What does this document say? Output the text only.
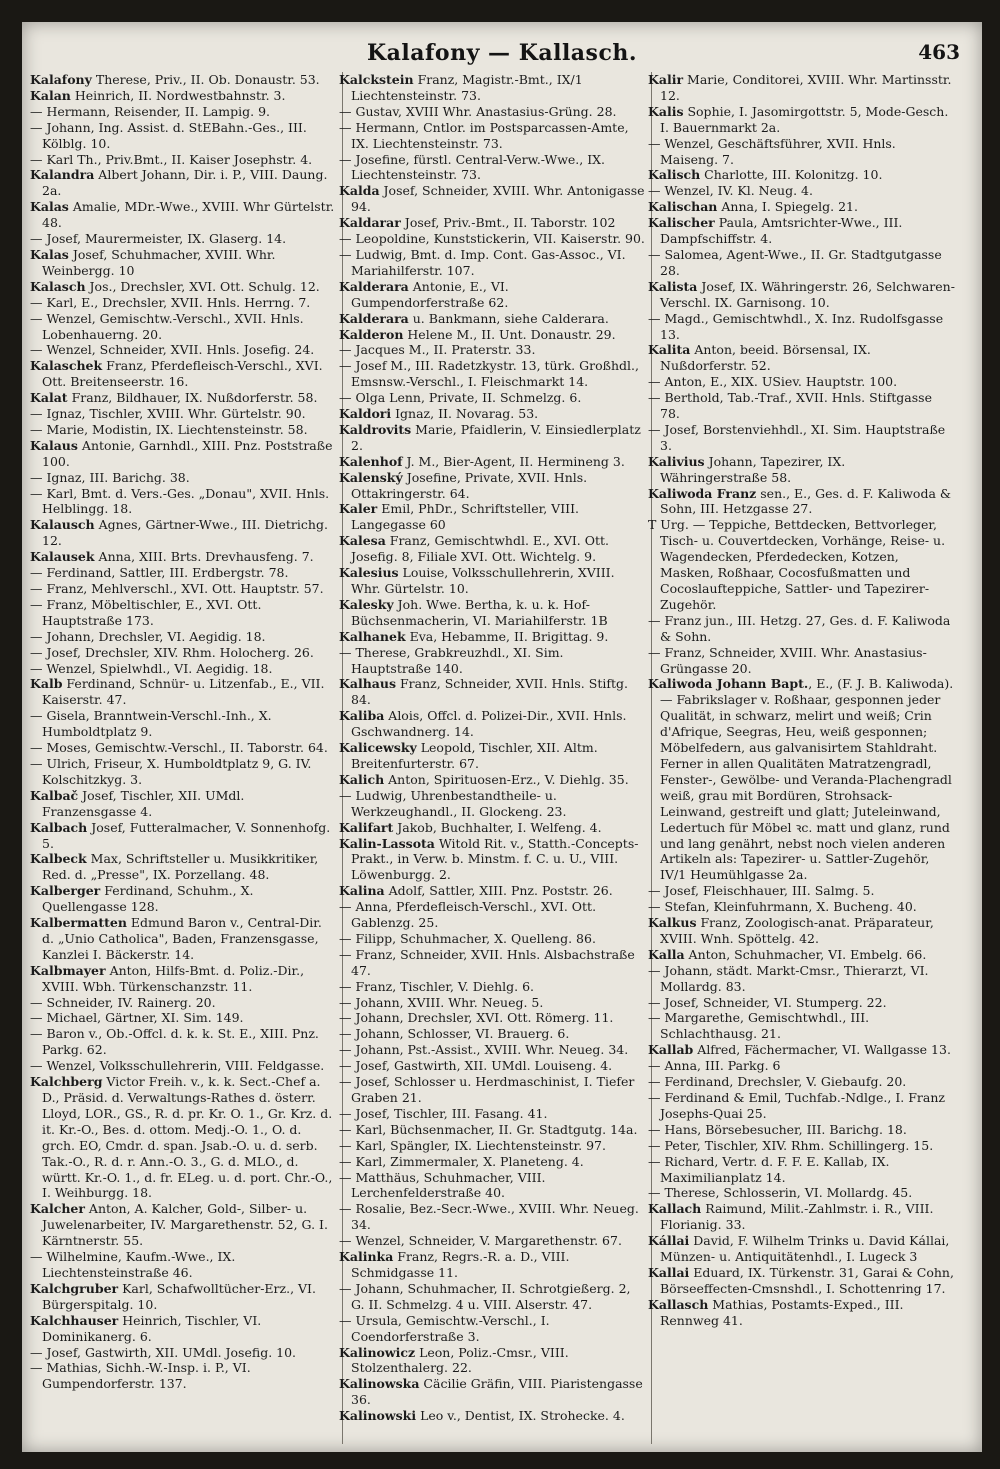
Kalafony — Kallasch.	463

Kalafony Therese, Priv., II. Ob. Donaustr. 53.

Kalan Heinrich, II. Nordwestbahnstr. 3.

— Hermann, Reisender, II. Lampig. 9.

— Johann, Ing. Assist. d. StEBahn.-Ges., III. Kölblg. 10.

— Karl Th., Priv.Bmt., II. Kaiser Josephstr. 4.

Kalandra Albert Johann, Dir. i. P., VIII. Daung. 2a.

Kalas Amalie, MDr.-Wwe., XVIII. Whr Gürtelstr. 48.

— Josef, Maurermeister, IX. Glaserg. 14.

Kalas Josef, Schuhmacher, XVIII. Whr. Weinbergg. 10

Kalasch Jos., Drechsler, XVI. Ott. Schulg. 12.

— Karl, E., Drechsler, XVII. Hnls. Herrng. 7.

— Wenzel, Gemischtw.-Verschl., XVII. Hnls. Lobenhauerng. 20.

— Wenzel, Schneider, XVII. Hnls. Josefig. 24.

Kalaschek Franz, Pferdefleisch-Verschl., XVI. Ott. Breitenseerstr. 16.

Kalat Franz, Bildhauer, IX. Nußdorferstr. 58.

— Ignaz, Tischler, XVIII. Whr. Gürtelstr. 90.

— Marie, Modistin, IX. Liechtensteinstr. 58.

Kalaus Antonie, Garnhdl., XIII. Pnz. Poststraße 100.

— Ignaz, III. Barichg. 38.

— Karl, Bmt. d. Vers.-Ges. „Donau", XVII. Hnls. Helblingg. 18.

Kalausch Agnes, Gärtner-Wwe., III. Dietrichg. 12.

Kalausek Anna, XIII. Brts. Drevhausfeng. 7.

— Ferdinand, Sattler, III. Erdbergstr. 78.

— Franz, Mehlverschl., XVI. Ott. Hauptstr. 57.

— Franz, Möbeltischler, E., XVI. Ott. Hauptstraße 173.

— Johann, Drechsler, VI. Aegidig. 18.

— Josef, Drechsler, XIV. Rhm. Holocherg. 26.

— Wenzel, Spielwhdl., VI. Aegidig. 18.

Kalb Ferdinand, Schnür- u. Litzenfab., E., VII. Kaiserstr. 47.

— Gisela, Branntwein-Verschl.-Inh., X. Humboldtplatz 9.

— Moses, Gemischtw.-Verschl., II. Taborstr. 64.

— Ulrich, Friseur, X. Humboldtplatz 9, G. IV. Kolschitzkyg. 3.

Kalbač Josef, Tischler, XII. UMdl. Franzensgasse 4.

Kalbach Josef, Futteralmacher, V. Sonnenhofg. 5.

Kalbeck Max, Schriftsteller u. Musikkritiker, Red. d. „Presse", IX. Porzellang. 48.

Kalberger Ferdinand, Schuhm., X. Quellengasse 128.

Kalbermatten Edmund Baron v., Central-Dir. d. „Unio Catholica", Baden, Franzensgasse, Kanzlei I. Bäckerstr. 14.

Kalbmayer Anton, Hilfs-Bmt. d. Poliz.-Dir., XVIII. Wbh. Türkenschanzstr. 11.

— Schneider, IV. Rainerg. 20.

— Michael, Gärtner, XI. Sim. 149.

— Baron v., Ob.-Offcl. d. k. k. St. E., XIII. Pnz. Parkg. 62.

— Wenzel, Volksschullehrerin, VIII. Feldgasse.

Kalchberg Victor Freih. v., k. k. Sect.-Chef a. D., Präsid. d. Verwaltungs-Rathes d. österr. Lloyd, LOR., GS., R. d. pr. Kr. O. 1., Gr. Krz. d. it. Kr.-O., Bes. d. ottom. Medj.-O. 1., O. d. grch. EO, Cmdr. d. span. Jsab.-O. u. d. serb. Tak.-O., R. d. r. Ann.-O. 3., G. d. MLO., d. württ. Kr.-O. 1., d. fr. ELeg. u. d. port. Chr.-O., I. Weihburgg. 18.

Kalcher Anton, A. Kalcher, Gold-, Silber- u. Juwelenarbeiter, IV. Margarethenstr. 52, G. I. Kärntnerstr. 55.

— Wilhelmine, Kaufm.-Wwe., IX. Liechtensteinstraße 46.

Kalchgruber Karl, Schafwolltücher-Erz., VI. Bürgerspitalg. 10.

Kalchhauser Heinrich, Tischler, VI. Dominikanerg. 6.

— Josef, Gastwirth, XII. UMdl. Josefig. 10.

— Mathias, Sichh.-W.-Insp. i. P., VI. Gumpendorferstr. 137.

Kalckstein Franz, Magistr.-Bmt., IX/1 Liechtensteinstr. 73.

— Gustav, XVIII Whr. Anastasius-Grüng. 28.

— Hermann, Cntlor. im Postsparcassen-Amte, IX. Liechtensteinstr. 73.

— Josefine, fürstl. Central-Verw.-Wwe., IX. Liechtensteinstr. 73.

Kalda Josef, Schneider, XVIII. Whr. Antonigasse 94.

Kaldarar Josef, Priv.-Bmt., II. Taborstr. 102

— Leopoldine, Kunststickerin, VII. Kaiserstr. 90.

— Ludwig, Bmt. d. Imp. Cont. Gas-Assoc., VI. Mariahilferstr. 107.

Kalderara Antonie, E., VI. Gumpendorferstraße 62.

Kalderara u. Bankmann, siehe Calderara.

Kalderon Helene M., II. Unt. Donaustr. 29.

— Jacques M., II. Praterstr. 33.

— Josef M., III. Radetzkystr. 13, türk. Großhdl., Emsnsw.-Verschl., I. Fleischmarkt 14.

— Olga Lenn, Private, II. Schmelzg. 6.

Kaldori Ignaz, II. Novarag. 53.

Kaldrovits Marie, Pfaidlerin, V. Einsiedlerplatz 2.

Kalenhof J. M., Bier-Agent, II. Hermineng 3.

Kalenský Josefine, Private, XVII. Hnls. Ottakringerstr. 64.

Kaler Emil, PhDr., Schriftsteller, VIII. Langegasse 60

Kalesa Franz, Gemischtwhdl. E., XVI. Ott. Josefig. 8, Filiale XVI. Ott. Wichtelg. 9.

Kalesius Louise, Volksschullehrerin, XVIII. Whr. Gürtelstr. 10.

Kalesky Joh. Wwe. Bertha, k. u. k. Hof-Büchsenmacherin, VI. Mariahilferstr. 1B

Kalhanek Eva, Hebamme, II. Brigittag. 9.

— Therese, Grabkreuzhdl., XI. Sim. Hauptstraße 140.

Kalhaus Franz, Schneider, XVII. Hnls. Stiftg. 84.

Kaliba Alois, Offcl. d. Polizei-Dir., XVII. Hnls. Gschwandnerg. 14.

Kalicewsky Leopold, Tischler, XII. Altm. Breitenfurterstr. 67.

Kalich Anton, Spirituosen-Erz., V. Diehlg. 35.

— Ludwig, Uhrenbestandtheile- u. Werkzeughandl., II. Glockeng. 23.

Kalifart Jakob, Buchhalter, I. Welfeng. 4.

Kalin-Lassota Witold Rit. v., Statth.-Concepts-Prakt., in Verw. b. Minstm. f. C. u. U., VIII. Löwenburgg. 2.

Kalina Adolf, Sattler, XIII. Pnz. Poststr. 26.

— Anna, Pferdefleisch-Verschl., XVI. Ott. Gablenzg. 25.

— Filipp, Schuhmacher, X. Quelleng. 86.

— Franz, Schneider, XVII. Hnls. Alsbachstraße 47.

— Franz, Tischler, V. Diehlg. 6.

— Johann, XVIII. Whr. Neueg. 5.

— Johann, Drechsler, XVI. Ott. Römerg. 11.

— Johann, Schlosser, VI. Brauerg. 6.

— Johann, Pst.-Assist., XVIII. Whr. Neueg. 34.

— Josef, Gastwirth, XII. UMdl. Louiseng. 4.

— Josef, Schlosser u. Herdmaschinist, I. Tiefer Graben 21.

— Josef, Tischler, III. Fasang. 41.

— Karl, Büchsenmacher, II. Gr. Stadtgutg. 14a.

— Karl, Spängler, IX. Liechtensteinstr. 97.

— Karl, Zimmermaler, X. Planeteng. 4.

— Matthäus, Schuhmacher, VIII. Lerchenfelderstraße 40.

— Rosalie, Bez.-Secr.-Wwe., XVIII. Whr. Neueg. 34.

— Wenzel, Schneider, V. Margarethenstr. 67.

Kalinka Franz, Regrs.-R. a. D., VIII. Schmidgasse 11.

— Johann, Schuhmacher, II. Schrotgießerg. 2, G. II. Schmelzg. 4 u. VIII. Alserstr. 47.

— Ursula, Gemischtw.-Verschl., I. Coendorferstraße 3.

Kalinowicz Leon, Poliz.-Cmsr., VIII. Stolzenthalerg. 22.

Kalinowska Cäcilie Gräfin, VIII. Piaristengasse 36.

Kalinowski Leo v., Dentist, IX. Strohecke. 4.

Kalir Marie, Conditorei, XVIII. Whr. Martinsstr. 12.

Kalis Sophie, I. Jasomirgottstr. 5, Mode-Gesch. I. Bauernmarkt 2a.

— Wenzel, Geschäftsführer, XVII. Hnls. Maiseng. 7.

Kalisch Charlotte, III. Kolonitzg. 10.

— Wenzel, IV. Kl. Neug. 4.

Kalischan Anna, I. Spiegelg. 21.

Kalischer Paula, Amtsrichter-Wwe., III. Dampfschiffstr. 4.

— Salomea, Agent-Wwe., II. Gr. Stadtgutgasse 28.

Kalista Josef, IX. Währingerstr. 26, Selchwaren-Verschl. IX. Garnisong. 10.

— Magd., Gemischtwhdl., X. Inz. Rudolfsgasse 13.

Kalita Anton, beeid. Börsensal, IX. Nußdorferstr. 52.

— Anton, E., XIX. USiev. Hauptstr. 100.

— Berthold, Tab.-Traf., XVII. Hnls. Stiftgasse 78.

— Josef, Borstenviehhdl., XI. Sim. Hauptstraße 3.

Kalivius Johann, Tapezirer, IX. Währingerstraße 58.

Kaliwoda Franz sen., E., Ges. d. F. Kaliwoda & Sohn, III. Hetzgasse 27.

T Urg. — Teppiche, Bettdecken, Bettvorleger, Tisch- u. Couvertdecken, Vorhänge, Reise- u. Wagendecken, Pferdedecken, Kotzen, Masken, Roßhaar, Cocosfußmatten und Cocoslaufteppiche, Sattler- und Tapezirer-Zugehör.

— Franz jun., III. Hetzg. 27, Ges. d. F. Kaliwoda & Sohn.

— Franz, Schneider, XVIII. Whr. Anastasius-Grüngasse 20.

Kaliwoda Johann Bapt., E., (F. J. B. Kaliwoda). — Fabrikslager v. Roßhaar, gesponnen jeder Qualität, in schwarz, melirt und weiß; Crin d'Afrique, Seegras, Heu, weiß gesponnen; Möbelfedern, aus galvanisirtem Stahldraht. Ferner in allen Qualitäten Matratzengradl, Fenster-, Gewölbe- und Veranda-Plachengradl weiß, grau mit Bordüren, Strohsack-Leinwand, gestreift und glatt; Juteleinwand, Ledertuch für Möbel ꝛc. matt und glanz, rund und lang genährt, nebst noch vielen anderen Artikeln als: Tapezirer- u. Sattler-Zugehör, IV/1 Heumühlgasse 2a.

— Josef, Fleischhauer, III. Salmg. 5.

— Stefan, Kleinfuhrmann, X. Bucheng. 40.

Kalkus Franz, Zoologisch-anat. Präparateur, XVIII. Wnh. Spöttelg. 42.

Kalla Anton, Schuhmacher, VI. Embelg. 66.

— Johann, städt. Markt-Cmsr., Thierarzt, VI. Mollardg. 83.

— Josef, Schneider, VI. Stumperg. 22.

— Margarethe, Gemischtwhdl., III. Schlachthausg. 21.

Kallab Alfred, Fächermacher, VI. Wallgasse 13.

— Anna, III. Parkg. 6

— Ferdinand, Drechsler, V. Giebaufg. 20.

— Ferdinand & Emil, Tuchfab.-Ndlge., I. Franz Josephs-Quai 25.

— Hans, Börsebesucher, III. Barichg. 18.

— Peter, Tischler, XIV. Rhm. Schillingerg. 15.

— Richard, Vertr. d. F. F. E. Kallab, IX. Maximilianplatz 14.

— Therese, Schlosserin, VI. Mollardg. 45.

Kallach Raimund, Milit.-Zahlmstr. i. R., VIII. Florianig. 33.

Kállai David, F. Wilhelm Trinks u. David Kállai, Münzen- u. Antiquitätenhdl., I. Lugeck 3

Kallai Eduard, IX. Türkenstr. 31, Garai & Cohn, Börseeffecten-Cmsnshdl., I. Schottenring 17.

Kallasch Mathias, Postamts-Exped., III. Rennweg 41.
